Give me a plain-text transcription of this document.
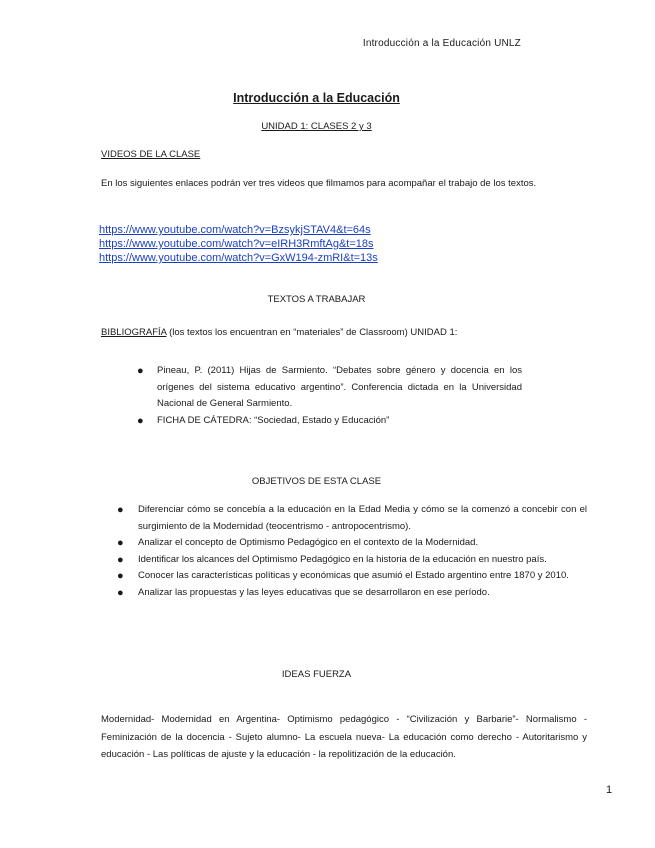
Introducción a la Educación UNLZ
Introducción a la Educación
UNIDAD 1: CLASES 2 y 3
VIDEOS DE LA CLASE

En los siguientes enlaces podrán ver tres videos que filmamos para acompañar el trabajo de los textos.

https://www.youtube.com/watch?v=BzsykjSTAV4&t=64s
https://www.youtube.com/watch?v=eIRH3RmftAg&t=18s
https://www.youtube.com/watch?v=GxW194-zmRI&t=13s
TEXTOS A TRABAJAR
BIBLIOGRAFÍA (los textos los encuentran en “materiales” de Classroom) UNIDAD 1:
● Pineau, P. (2011) Hijas de Sarmiento. “Debates sobre género y docencia en los orígenes del sistema educativo argentino”. Conferencia dictada en la Universidad Nacional de General Sarmiento.
● FICHA DE CÁTEDRA: “Sociedad, Estado y Educación”
OBJETIVOS DE ESTA CLASE
● Diferenciar cómo se concebía a la educación en la Edad Media y cómo se la comenzó a concebir con el surgimiento de la Modernidad (teocentrismo - antropocentrismo).
● Analizar el concepto de Optimismo Pedagógico en el contexto de la Modernidad.
● Identificar los alcances del Optimismo Pedagógico en la historia de la educación en nuestro país.
● Conocer las características políticas y económicas que asumió el Estado argentino entre 1870 y 2010.
● Analizar las propuestas y las leyes educativas que se desarrollaron en ese período.
IDEAS FUERZA

Modernidad- Modernidad en Argentina- Optimismo pedagógico - “Civilización y Barbarie”- Normalismo - Feminización de la docencia - Sujeto alumno- La escuela nueva- La educación como derecho - Autoritarismo y educación - Las políticas de ajuste y la educación - la repolitización de la educación.

1
